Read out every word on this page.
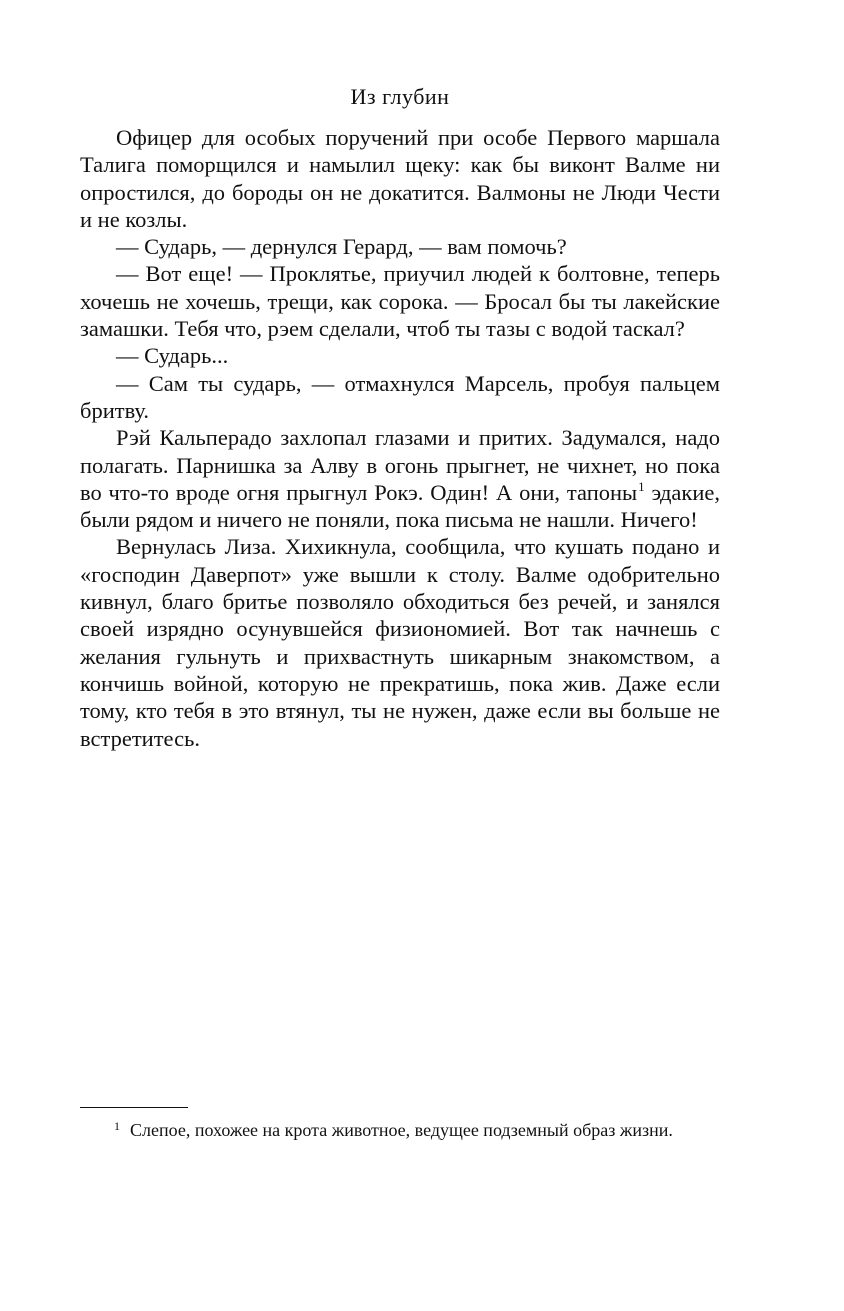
Из глубин

Офицер для особых поручений при особе Первого маршала Талига поморщился и намылил щеку: как бы виконт Валме ни опростился, до бороды он не докатится. Валмоны не Люди Чести и не козлы.

— Сударь, — дернулся Герард, — вам помочь?

— Вот еще! — Проклятье, приучил людей к болтовне, теперь хочешь не хочешь, трещи, как сорока. — Бросал бы ты лакейские замашки. Тебя что, рэем сделали, чтоб ты тазы с водой таскал?

— Сударь...

— Сам ты сударь, — отмахнулся Марсель, пробуя пальцем бритву.

Рэй Кальперадо захлопал глазами и притих. Задумался, надо полагать. Парнишка за Алву в огонь прыгнет, не чихнет, но пока во что-то вроде огня прыгнул Рокэ. Один! А они, тапоны$^1$ эдакие, были рядом и ничего не поняли, пока письма не нашли. Ничего!

Вернулась Лиза. Хихикнула, сообщила, что кушать подано и «господин Даверпот» уже вышли к столу. Валме одобрительно кивнул, благо бритье позволяло обходиться без речей, и занялся своей изрядно осунувшейся физиономией. Вот так начнешь с желания гульнуть и прихвастнуть шикарным знакомством, а кончишь войной, которую не прекратишь, пока жив. Даже если тому, кто тебя в это втянул, ты не нужен, даже если вы больше не встретитесь.

$^1$ Слепое, похожее на крота животное, ведущее подземный образ жизни.
